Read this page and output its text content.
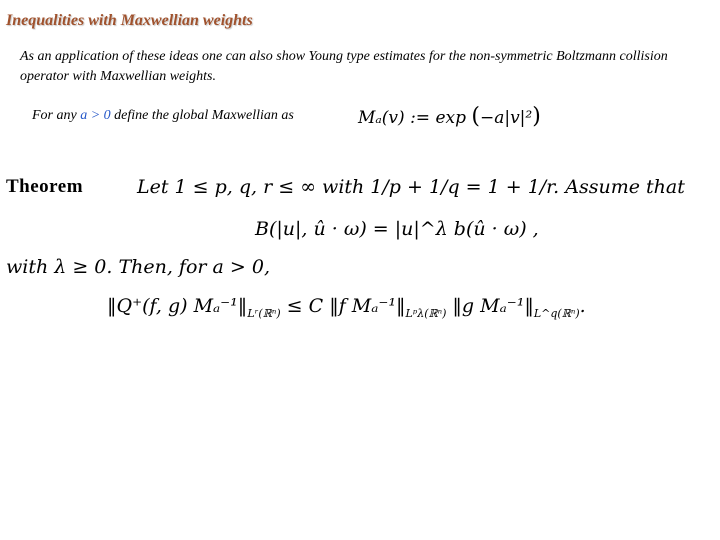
Inequalities with Maxwellian weights
As an application of these ideas one can also show Young type estimates for the non-symmetric Boltzmann collision operator with Maxwellian weights.
For any a > 0 define the global Maxwellian as	Mₐ(v) := exp (−a|v|²)
Theorem	Let 1 ≤ p, q, r ≤ ∞ with 1/p + 1/q = 1 + 1/r. Assume that
B(|u|, û · ω) = |u|^λ b(û · ω) ,
with λ ≥ 0. Then, for a > 0,
‖Q⁺(f, g) $M_a^{-1}‖_{Lʳ(ℝ^n)} \le C$ ‖f $M_a^{-1}‖_{Lᵖ\lambda(ℝ^n)}$ ‖g $M_a^{-1}‖_{L\^{}q(ℝ^n)}$.
